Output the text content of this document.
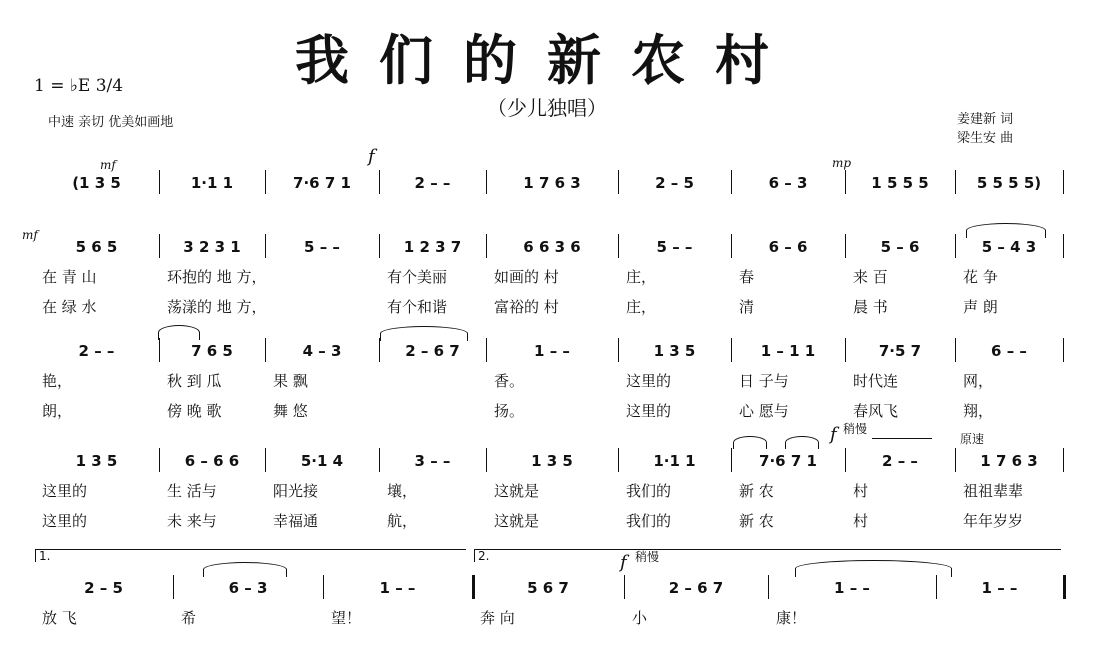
我们的新农村
（少儿独唱）
1 = ♭E 3/4
中速 亲切 优美如画地	姜建新 词
梁生安 曲
mf	f	mp
mf
f 稍慢
原速
f 稍慢
1.	2.
(1 3 5	1·1 1	7·6 7 1	2 – –	1 7 6 3	2 – 5	6 – 3	1 5 5 5	5 5 5 5)
5 6 5	3 2 3 1	5 – –	1 2 3 7	6 6 3 6	5 – –	6 – 6	5 – 6	5 – 4 3
在 青 山	环抱的 地 方，	有个美丽	如画的 村	庄，	春	来 百	花 争
在 绿 水	荡漾的 地 方，	有个和谐	富裕的 村	庄，	清	晨 书	声 朗
2 – –	7 6 5	4 – 3	2 – 6 7	1 – –	1 3 5	1 – 1 1	7·5 7	6 – –
艳，	秋 到 瓜	果 飘	香。	这里的	日 子与	时代连	网，
朗，	傍 晚 歌	舞 悠	扬。	这里的	心 愿与	春风飞	翔，
1 3 5	6 – 6 6	5·1 4	3 – –	1 3 5	1·1 1	7·6 7 1	2 – –	1 7 6 3
这里的	生 活与	阳光接	壤，	这就是	我们的	新 农	村	祖祖辈辈
这里的	未 来与	幸福通	航，	这就是	我们的	新 农	村	年年岁岁
2 – 5	6 – 3	1 – –	5 6 7	2 – 6 7	1 – –	1 – –
放 飞	希	望！	奔 向	小	康！
